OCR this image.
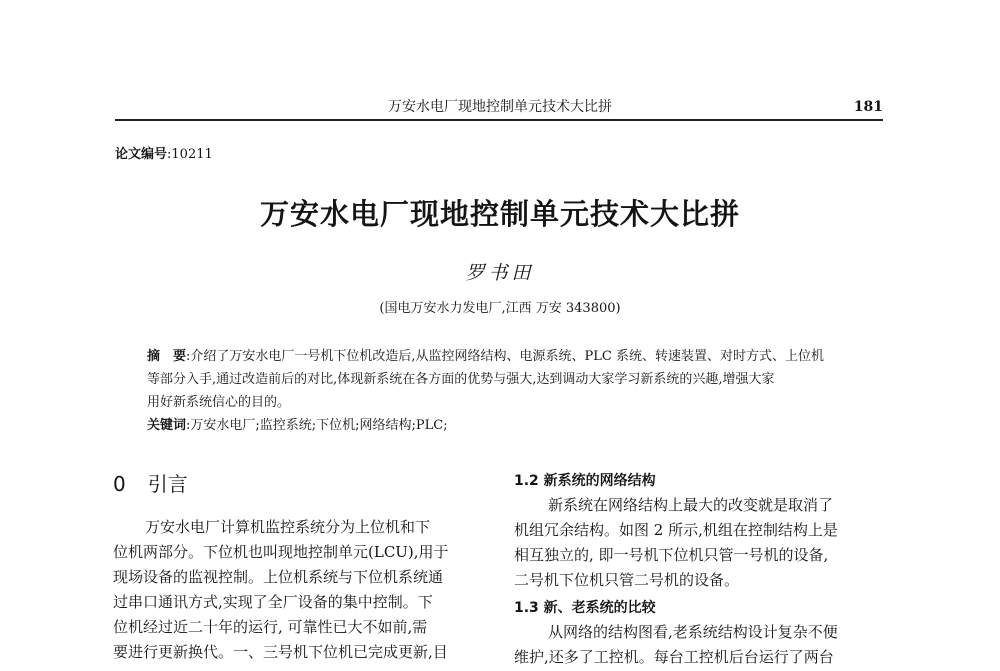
万安水电厂现地控制单元技术大比拼	181
论文编号:10211
万安水电厂现地控制单元技术大比拼
罗书田
(国电万安水力发电厂,江西 万安 343800)
摘　要:介绍了万安水电厂一号机下位机改造后,从监控网络结构、电源系统、PLC 系统、转速装置、对时方式、上位机
等部分入手,通过改造前后的对比,体现新系统在各方面的优势与强大,达到调动大家学习新系统的兴趣,增强大家
用好新系统信心的目的。
关键词:万安水电厂;监控系统;下位机;网络结构;PLC;
0 引言
万安水电厂计算机监控系统分为上位机和下
位机两部分。下位机也叫现地控制单元(LCU),用于
现场设备的监视控制。上位机系统与下位机系统通
过串口通讯方式,实现了全厂设备的集中控制。下
位机经过近二十年的运行, 可靠性已大不如前,需
要进行更新换代。一、三号机下位机已完成更新,目
1.2 新系统的网络结构
新系统在网络结构上最大的改变就是取消了
机组冗余结构。如图 2 所示,机组在控制结构上是
相互独立的, 即一号机下位机只管一号机的设备,
二号机下位机只管二号机的设备。
1.3 新、老系统的比较
从网络的结构图看,老系统结构设计复杂不便
维护,还多了工控机。每台工控机后台运行了两台
